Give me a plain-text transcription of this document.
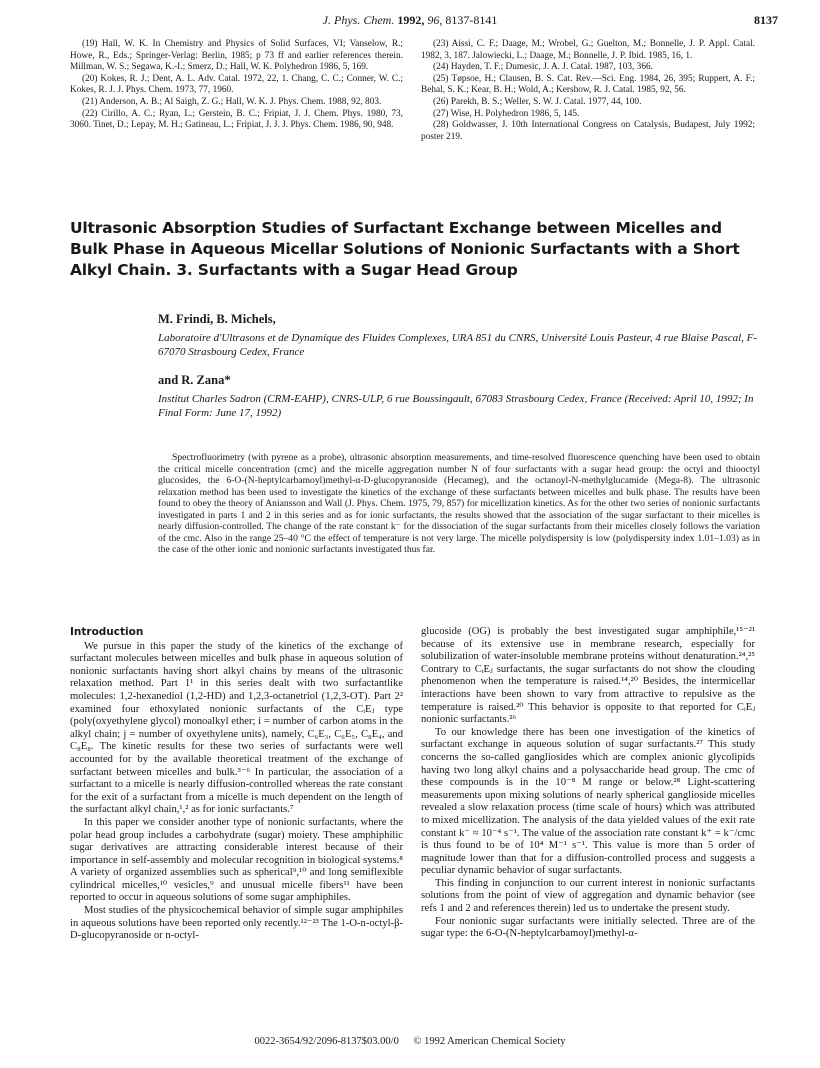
J. Phys. Chem. 1992, 96, 8137-8141	8137

(19) Hall, W. K. In Chemistry and Physics of Solid Surfaces, VI; Vanselow, R.; Howe, R., Eds.; Springer-Verlag: Berlin, 1985; p 73 ff and earlier references therein. Millman, W. S.; Segawa, K.-I.; Smerz, D.; Hall, W. K. Polyhedron 1986, 5, 169.

(20) Kokes, R. J.; Dent, A. L. Adv. Catal. 1972, 22, 1. Chang, C. C.; Conner, W. C.; Kokes, R. J. J. Phys. Chem. 1973, 77, 1960.

(21) Anderson, A. B.; Al Saigh, Z. G.; Hall, W. K. J. Phys. Chem. 1988, 92, 803.

(22) Cirillo, A. C.; Ryan, L.; Gerstein, B. C.; Fripiat, J. J. Chem. Phys. 1980, 73, 3060. Tinet, D.; Lepay, M. H.; Gatineau, L.; Fripiat, J. J. J. Phys. Chem. 1986, 90, 948.

(23) Aissi, C. F.; Daage, M.; Wrobel, G.; Guelton, M.; Bonnelle, J. P. Appl. Catal. 1982, 3, 187. Jalowiecki, L.; Daage, M.; Bonnelle, J. P. Ibid. 1985, 16, 1.

(24) Hayden, T. F.; Dumesic, J. A. J. Catal. 1987, 103, 366.

(25) Tøpsoe, H.; Clausen, B. S. Cat. Rev.—Sci. Eng. 1984, 26, 395; Ruppert, A. F.; Behal, S. K.; Kear, B. H.; Wold, A.; Kershow, R. J. Catal. 1985, 92, 56.

(26) Parekh, B. S.; Weller, S. W. J. Catal. 1977, 44, 100.

(27) Wise, H. Polyhedron 1986, 5, 145.

(28) Goldwasser, J. 10th International Congress on Catalysis, Budapest, July 1992; poster 219.

Ultrasonic Absorption Studies of Surfactant Exchange between Micelles and Bulk Phase in Aqueous Micellar Solutions of Nonionic Surfactants with a Short Alkyl Chain. 3. Surfactants with a Sugar Head Group
M. Frindi, B. Michels,
Laboratoire d'Ultrasons et de Dynamique des Fluides Complexes, URA 851 du CNRS, Université Louis Pasteur, 4 rue Blaise Pascal, F-67070 Strasbourg Cedex, France
and R. Zana*
Institut Charles Sadron (CRM-EAHP), CNRS-ULP, 6 rue Boussingault, 67083 Strasbourg Cedex, France (Received: April 10, 1992; In Final Form: June 17, 1992)

Spectrofluorimetry (with pyrene as a probe), ultrasonic absorption measurements, and time-resolved fluorescence quenching have been used to obtain the critical micelle concentration (cmc) and the micelle aggregation number N of four surfactants with a sugar head group: the octyl and thiooctyl glucosides, the 6-O-(N-heptylcarbamoyl)methyl-α-D-glucopyranoside (Hecameg), and the octanoyl-N-methylglucamide (Mega-8). The ultrasonic relaxation method has been used to investigate the kinetics of the exchange of these surfactants between micelles and bulk phase. The results have been found to obey the theory of Aniansson and Wall (J. Phys. Chem. 1975, 79, 857) for micellization kinetics. As for the other two series of nonionic surfactants investigated in parts 1 and 2 in this series and as for ionic surfactants, the results showed that the association of the sugar surfactant to their micelles is nearly diffusion-controlled. The change of the rate constant k⁻ for the dissociation of the sugar surfactants from their micelles closely follows the variation of the cmc. Also in the range 25–40 °C the effect of temperature is not very large. The micelle polydispersity is low (polydispersity index 1.01–1.03) as in the case of the other ionic and nonionic surfactants investigated thus far.

Introduction

We pursue in this paper the study of the kinetics of the exchange of surfactant molecules between micelles and bulk phase in aqueous solution of nonionic surfactants having short alkyl chains by means of the ultrasonic relaxation method. Part 1¹ in this series dealt with two surfactantlike molecules: 1,2-hexanediol (1,2-HD) and 1,2,3-octanetriol (1,2,3-OT). Part 2² examined four ethoxylated nonionic surfactants of the CᵢEⱼ type (poly(oxyethylene glycol) monoalkyl ether; i = number of carbon atoms in the alkyl chain; j = number of oxyethylene units), namely, C₆E₃, C₆E₅, C₈E₄, and C₈E₈. The kinetic results for these two series of surfactants were well accounted for by the available theoretical treatment of the exchange of surfactant between micelles and bulk.³⁻⁶ In particular, the association of a surfactant to a micelle is nearly diffusion-controlled whereas the rate constant for the exit of a surfactant from a micelle is much dependent on the length of the surfactant alkyl chain,¹,² as for ionic surfactants.⁷

In this paper we consider another type of nonionic surfactants, where the polar head group includes a carbohydrate (sugar) moiety. These amphiphilic sugar derivatives are attracting considerable interest because of their importance in self-assembly and molecular recognition in biological systems.⁸ A variety of organized assemblies such as spherical⁹,¹⁰ and long semiflexible cylindrical micelles,¹⁰ vesicles,⁹ and unusual micelle fibers¹¹ have been reported to occur in aqueous solutions of some sugar amphiphiles.

Most studies of the physicochemical behavior of simple sugar amphiphiles in aqueous solutions have been reported only recently.¹²⁻²³ The 1-O-n-octyl-β-D-glucopyranoside or n-octyl-

glucoside (OG) is probably the best investigated sugar amphiphile,¹⁵⁻²¹ because of its extensive use in membrane research, especially for solubilization of water-insoluble membrane proteins without denaturation.²⁴,²⁵ Contrary to CᵢEⱼ surfactants, the sugar surfactants do not show the clouding phenomenon when the temperature is raised.¹⁴,²⁰ Besides, the intermicellar interactions have been shown to vary from attractive to repulsive as the temperature is raised.²⁰ This behavior is opposite to that reported for CᵢEⱼ nonionic surfactants.²⁶

To our knowledge there has been one investigation of the kinetics of surfactant exchange in aqueous solution of sugar surfactants.²⁷ This study concerns the so-called gangliosides which are complex anionic glycolipids having two long alkyl chains and a polysaccharide head group. The cmc of these compounds is in the 10⁻⁸ M range or below.²⁸ Light-scattering measurements upon mixing solutions of nearly spherical ganglioside micelles revealed a slow relaxation process (time scale of hours) which was attributed to mixed micellization. The analysis of the data yielded values of the exit rate constant k⁻ ≈ 10⁻⁴ s⁻¹. The value of the association rate constant k⁺ = k⁻/cmc is thus found to be of 10⁴ M⁻¹ s⁻¹. This value is more than 5 order of magnitude lower than that for a diffusion-controlled process and suggests a peculiar dynamic behavior of sugar surfactants.

This finding in conjunction to our current interest in nonionic surfactants solutions from the point of view of aggregation and dynamic behavior (see refs 1 and 2 and references therein) led us to undertake the present study.

Four nonionic sugar surfactants were initially selected. Three are of the sugar type: the 6-O-(N-heptylcarbamoyl)methyl-α-

0022-3654/92/2096-8137$03.00/0 © 1992 American Chemical Society
